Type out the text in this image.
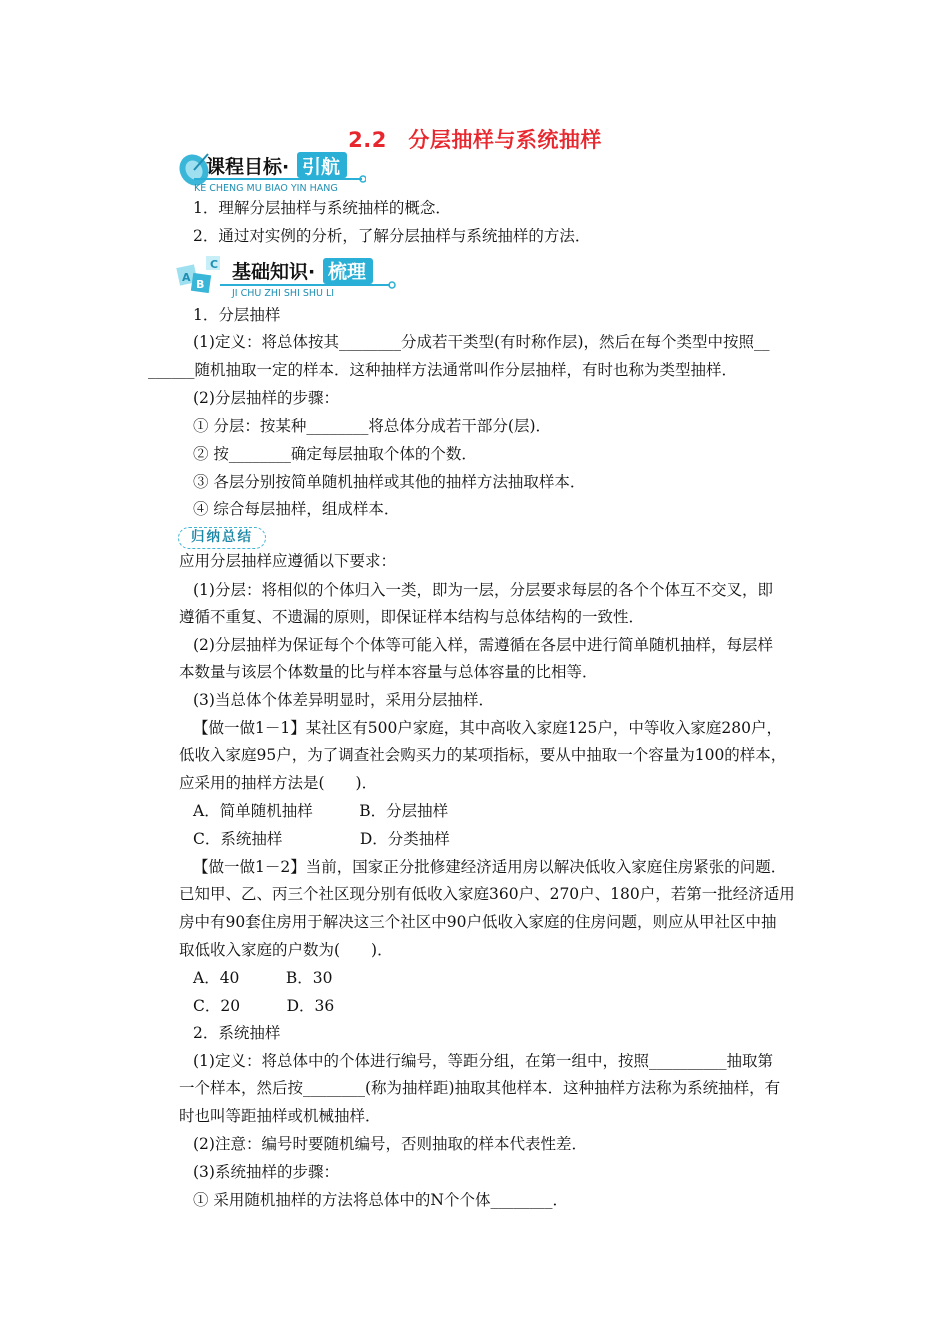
2.2　分层抽样与系统抽样
课程目标· 引航
KE CHENG MU BIAO YIN HANG
1．理解分层抽样与系统抽样的概念．
2．通过对实例的分析，了解分层抽样与系统抽样的方法．
C
B
A 基础知识· 梳理
JI CHU ZHI SHI SHU LI
1．分层抽样
(1)定义：将总体按其________分成若干类型(有时称作层)，然后在每个类型中按照__
______随机抽取一定的样本．这种抽样方法通常叫作分层抽样，有时也称为类型抽样．
(2)分层抽样的步骤：
① 分层：按某种________将总体分成若干部分(层)．
② 按________确定每层抽取个体的个数．
③ 各层分别按简单随机抽样或其他的抽样方法抽取样本．
④ 综合每层抽样，组成样本．
归纳总结
应用分层抽样应遵循以下要求：
(1)分层：将相似的个体归入一类，即为一层，分层要求每层的各个个体互不交叉，即
遵循不重复、不遗漏的原则，即保证样本结构与总体结构的一致性．
(2)分层抽样为保证每个个体等可能入样，需遵循在各层中进行简单随机抽样，每层样
本数量与该层个体数量的比与样本容量与总体容量的比相等．
(3)当总体个体差异明显时，采用分层抽样．
【做一做1－1】某社区有500户家庭，其中高收入家庭125户，中等收入家庭280户，
低收入家庭95户，为了调查社会购买力的某项指标，要从中抽取一个容量为100的样本，
应采用的抽样方法是(　　)．
A．简单随机抽样　　　B．分层抽样
C．系统抽样　　　　　D．分类抽样
【做一做1－2】当前，国家正分批修建经济适用房以解决低收入家庭住房紧张的问题．
已知甲、乙、丙三个社区现分别有低收入家庭360户、270户、180户，若第一批经济适用
房中有90套住房用于解决这三个社区中90户低收入家庭的住房问题，则应从甲社区中抽
取低收入家庭的户数为(　　)．
A．40　　　B．30
C．20　　　D．36
2．系统抽样
(1)定义：将总体中的个体进行编号，等距分组，在第一组中，按照__________抽取第
一个样本，然后按________(称为抽样距)抽取其他样本．这种抽样方法称为系统抽样，有
时也叫等距抽样或机械抽样．
(2)注意：编号时要随机编号，否则抽取的样本代表性差．
(3)系统抽样的步骤：
① 采用随机抽样的方法将总体中的N个个体________．
